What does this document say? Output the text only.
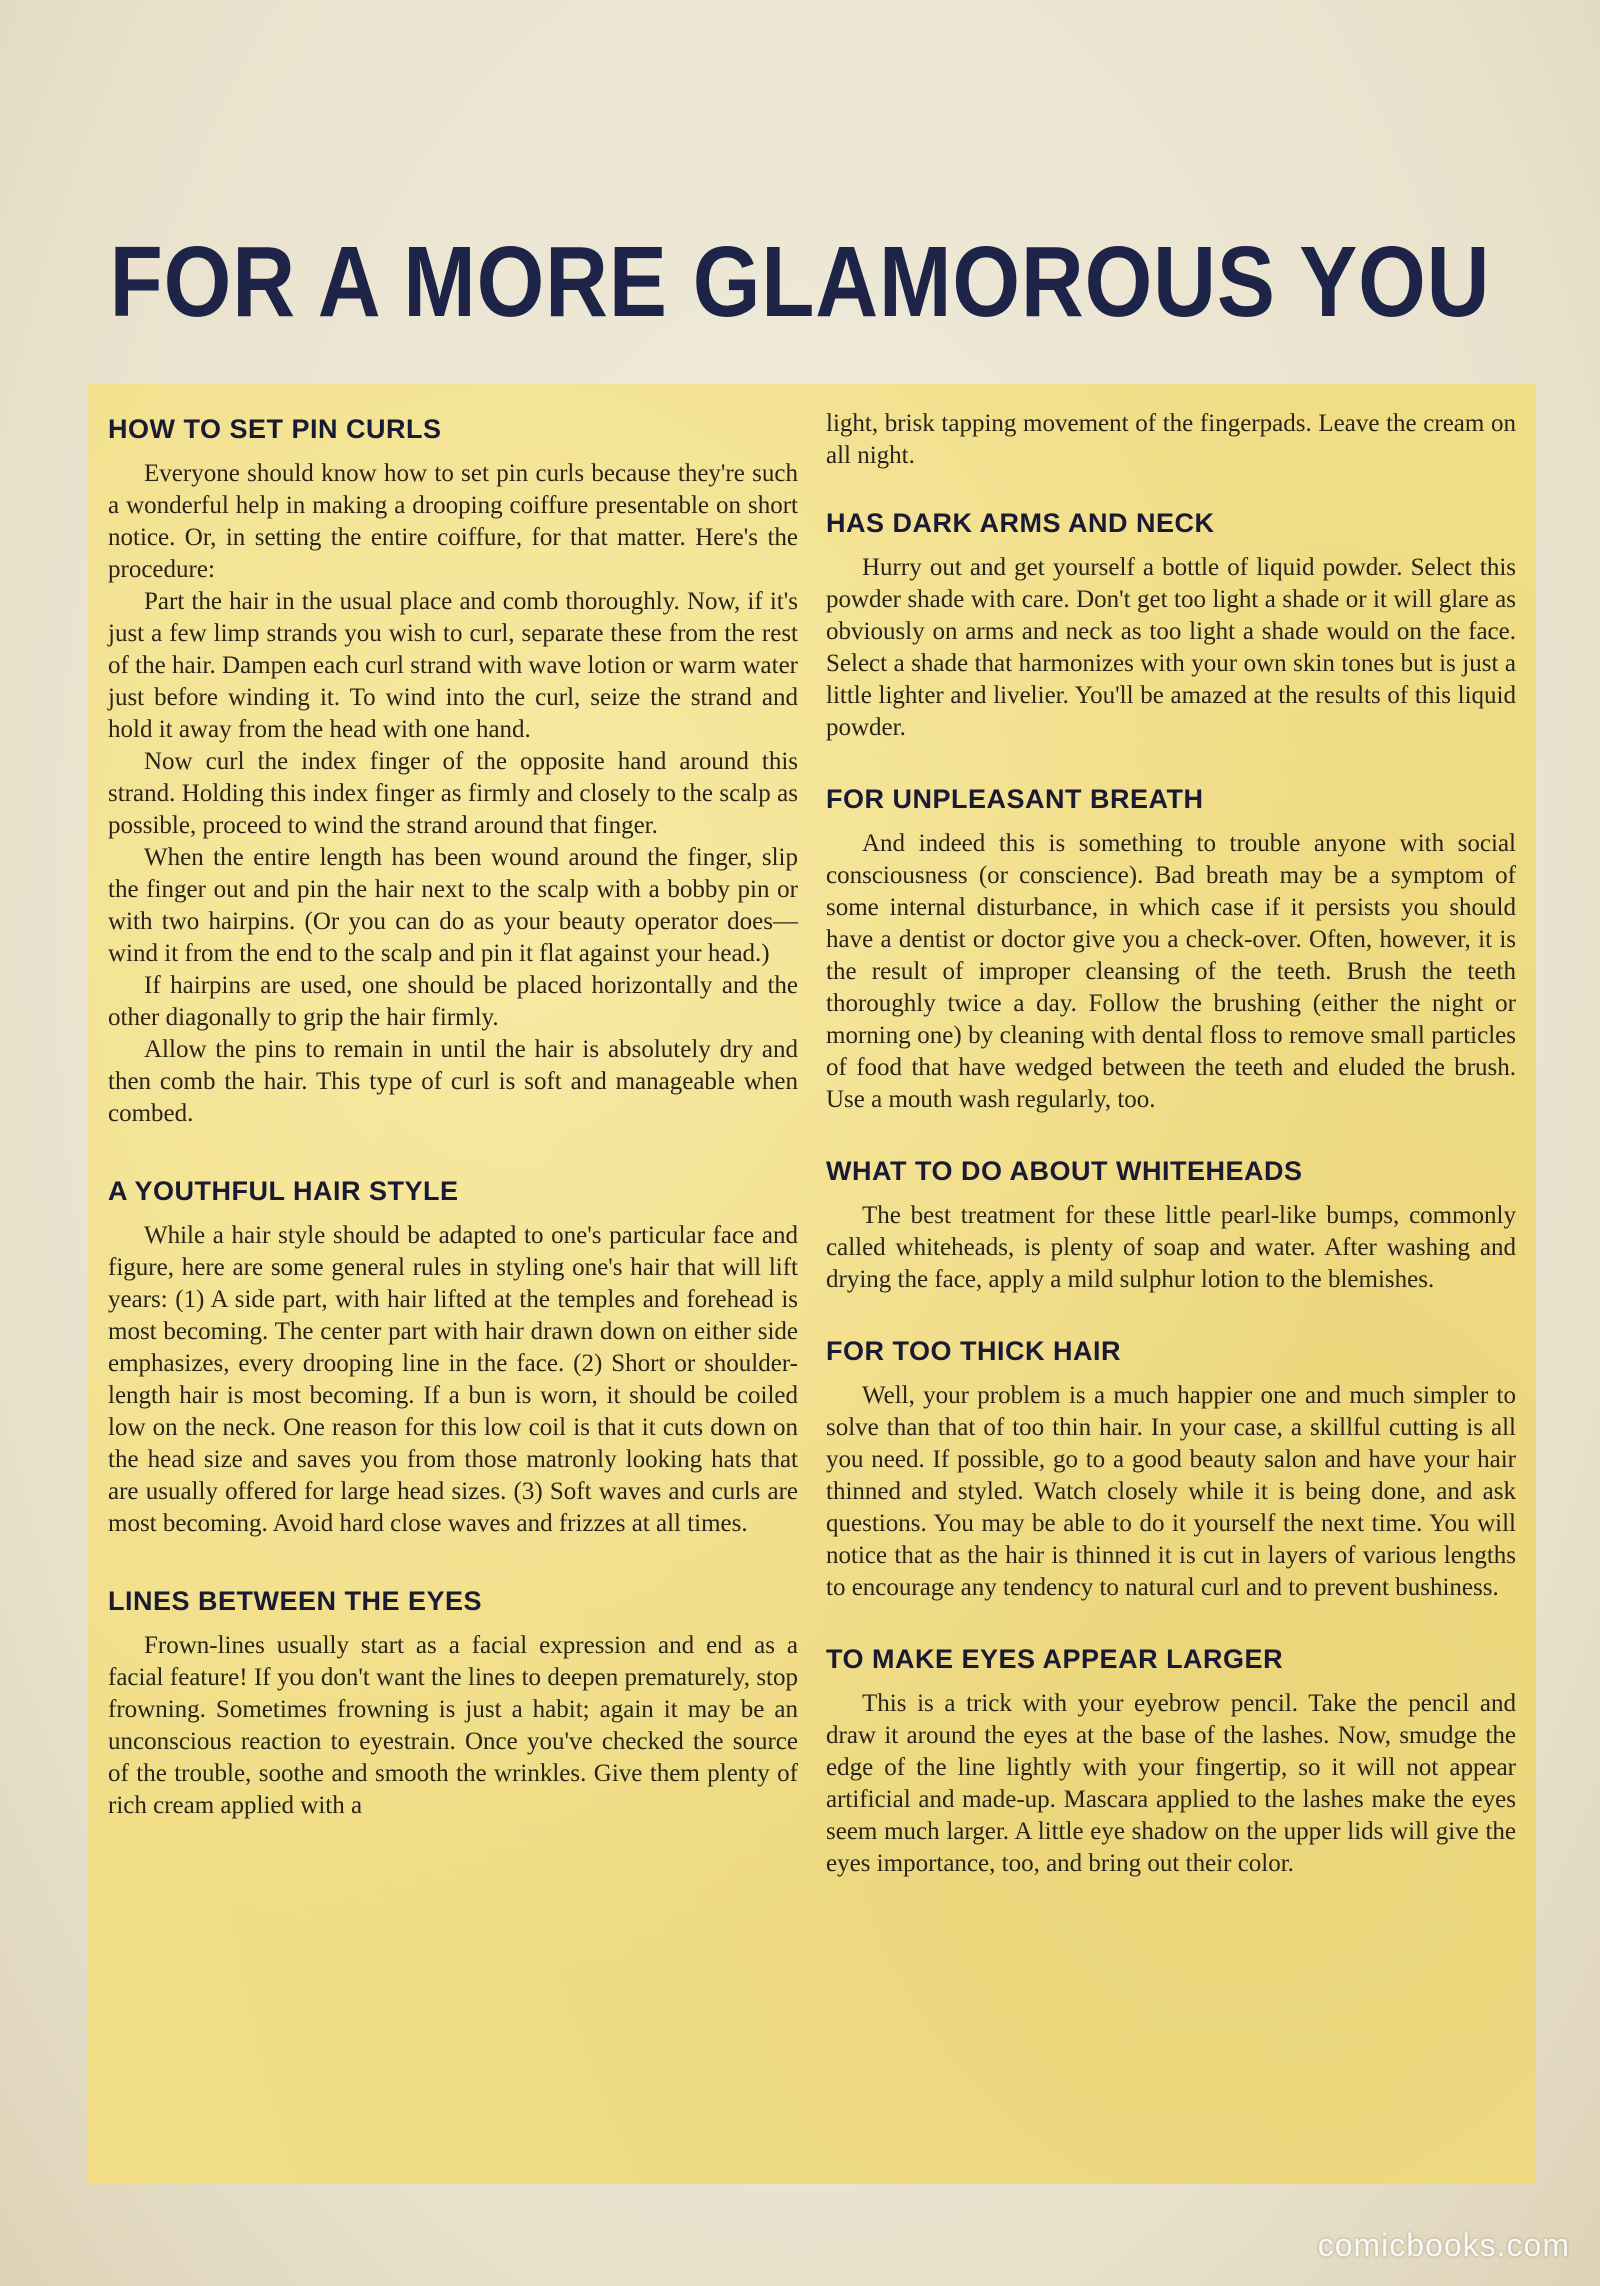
FOR A MORE GLAMOROUS YOU
HOW TO SET PIN CURLS

Everyone should know how to set pin curls because they're such a wonderful help in making a drooping coiffure presentable on short notice. Or, in setting the entire coiffure, for that matter. Here's the procedure:

Part the hair in the usual place and comb thoroughly. Now, if it's just a few limp strands you wish to curl, separate these from the rest of the hair. Dampen each curl strand with wave lotion or warm water just before winding it. To wind into the curl, seize the strand and hold it away from the head with one hand.

Now curl the index finger of the opposite hand around this strand. Holding this index finger as firmly and closely to the scalp as possible, proceed to wind the strand around that finger.

When the entire length has been wound around the finger, slip the finger out and pin the hair next to the scalp with a bobby pin or with two hairpins. (Or you can do as your beauty operator does—wind it from the end to the scalp and pin it flat against your head.)

If hairpins are used, one should be placed horizontally and the other diagonally to grip the hair firmly.

Allow the pins to remain in until the hair is absolutely dry and then comb the hair. This type of curl is soft and manageable when combed.

A YOUTHFUL HAIR STYLE

While a hair style should be adapted to one's particular face and figure, here are some general rules in styling one's hair that will lift years: (1) A side part, with hair lifted at the temples and forehead is most becoming. The center part with hair drawn down on either side emphasizes, every drooping line in the face. (2) Short or shoulder-length hair is most becoming. If a bun is worn, it should be coiled low on the neck. One reason for this low coil is that it cuts down on the head size and saves you from those matronly looking hats that are usually offered for large head sizes. (3) Soft waves and curls are most becoming. Avoid hard close waves and frizzes at all times.

LINES BETWEEN THE EYES

Frown-lines usually start as a facial expression and end as a facial feature! If you don't want the lines to deepen prematurely, stop frowning. Sometimes frowning is just a habit; again it may be an unconscious reaction to eyestrain. Once you've checked the source of the trouble, soothe and smooth the wrinkles. Give them plenty of rich cream applied with a

light, brisk tapping movement of the fingerpads. Leave the cream on all night.

HAS DARK ARMS AND NECK

Hurry out and get yourself a bottle of liquid powder. Select this powder shade with care. Don't get too light a shade or it will glare as obviously on arms and neck as too light a shade would on the face. Select a shade that harmonizes with your own skin tones but is just a little lighter and livelier. You'll be amazed at the results of this liquid powder.

FOR UNPLEASANT BREATH

And indeed this is something to trouble anyone with social consciousness (or conscience). Bad breath may be a symptom of some internal disturbance, in which case if it persists you should have a dentist or doctor give you a check-over. Often, however, it is the result of improper cleansing of the teeth. Brush the teeth thoroughly twice a day. Follow the brushing (either the night or morning one) by cleaning with dental floss to remove small particles of food that have wedged between the teeth and eluded the brush. Use a mouth wash regularly, too.

WHAT TO DO ABOUT WHITEHEADS

The best treatment for these little pearl-like bumps, commonly called whiteheads, is plenty of soap and water. After washing and drying the face, apply a mild sulphur lotion to the blemishes.

FOR TOO THICK HAIR

Well, your problem is a much happier one and much simpler to solve than that of too thin hair. In your case, a skillful cutting is all you need. If possible, go to a good beauty salon and have your hair thinned and styled. Watch closely while it is being done, and ask questions. You may be able to do it yourself the next time. You will notice that as the hair is thinned it is cut in layers of various lengths to encourage any tendency to natural curl and to prevent bushiness.

TO MAKE EYES APPEAR LARGER

This is a trick with your eyebrow pencil. Take the pencil and draw it around the eyes at the base of the lashes. Now, smudge the edge of the line lightly with your fingertip, so it will not appear artificial and made-up. Mascara applied to the lashes make the eyes seem much larger. A little eye shadow on the upper lids will give the eyes importance, too, and bring out their color.

comicbooks.com
